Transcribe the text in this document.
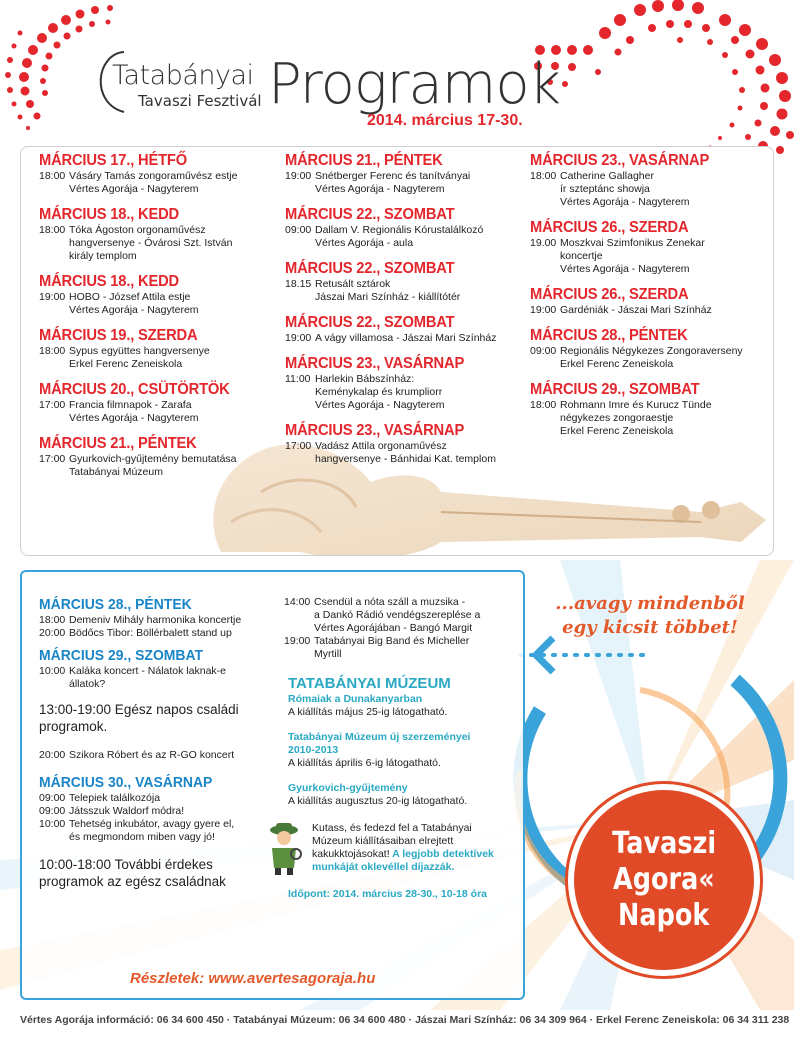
Tatabányai
Tavaszi Fesztivál Programok
2014. március 17-30.
MÁRCIUS 17., HÉTFŐ
18:00 Vásáry Tamás zongoraművész estje
Vértes Agorája - Nagyterem
MÁRCIUS 18., KEDD
18:00 Tóka Ágoston orgonaművész
hangversenye - Óvárosi Szt. István
király templom
MÁRCIUS 18., KEDD
19:00 HOBO - József Attila estje
Vértes Agorája - Nagyterem
MÁRCIUS 19., SZERDA
18:00 Sypus együttes hangversenye
Erkel Ferenc Zeneiskola
MÁRCIUS 20., CSÜTÖRTÖK
17:00 Francia filmnapok - Zarafa
Vértes Agorája - Nagyterem
MÁRCIUS 21., PÉNTEK
17:00 Gyurkovich-gyűjtemény bemutatása
Tatabányai Múzeum
MÁRCIUS 21., PÉNTEK
19:00 Snétberger Ferenc és tanítványai
Vértes Agorája - Nagyterem
MÁRCIUS 22., SZOMBAT
09:00 Dallam V. Regionális Kórustalálkozó
Vértes Agorája - aula
MÁRCIUS 22., SZOMBAT
18.15 Retusált sztárok
Jászai Mari Színház - kiállítótér
MÁRCIUS 22., SZOMBAT
19:00 A vágy villamosa - Jászai Mari Színház
MÁRCIUS 23., VASÁRNAP
11:00 Harlekin Bábszínház:
Keménykalap és krumpliorr
Vértes Agorája - Nagyterem
MÁRCIUS 23., VASÁRNAP
17:00 Vadász Attila orgonaművész
hangversenye - Bánhidai Kat. templom
MÁRCIUS 23., VASÁRNAP
18:00 Catherine Gallagher
ír szteptánc showja
Vértes Agorája - Nagyterem
MÁRCIUS 26., SZERDA
19.00 Moszkvai Szimfonikus Zenekar
koncertje
Vértes Agorája - Nagyterem
MÁRCIUS 26., SZERDA
19:00 Gardéniák - Jászai Mari Színház
MÁRCIUS 28., PÉNTEK
09:00 Regionális Négykezes Zongoraverseny
Erkel Ferenc Zeneiskola
MÁRCIUS 29., SZOMBAT
18:00 Rohmann Imre és Kurucz Tünde
négykezes zongoraestje
Erkel Ferenc Zeneiskola
MÁRCIUS 28., PÉNTEK
18:00 Demeniv Mihály harmonika koncertje
20:00 Bödőcs Tibor: Böllérbalett stand up
MÁRCIUS 29., SZOMBAT
10:00 Kaláka koncert - Nálatok laknak-e
állatok?
13:00-19:00 Egész napos családi
programok.
20:00 Szikora Róbert és az R-GO koncert
MÁRCIUS 30., VASÁRNAP
09:00 Telepiek találkozója
09:00 Játsszuk Waldorf módra!
10:00 Tehetség inkubátor, avagy gyere el,
és megmondom miben vagy jó!
10:00-18:00 További érdekes
programok az egész családnak
14:00 Csendül a nóta száll a muzsika -
a Dankó Rádió vendégszereplése a
Vértes Agorájában - Bangó Margit
19:00 Tatabányai Big Band és Micheller
Myrtill
TATABÁNYAI MÚZEUM
Rómaiak a Dunakanyarban
A kiállítás május 25-ig látogatható.
Tatabányai Múzeum új szerzeményei
2010-2013
A kiállítás április 6-ig látogatható.
Gyurkovich-gyűjtemény
A kiállítás augusztus 20-ig látogatható.
Kutass, és fedezd fel a Tatabányai
Múzeum kiállításaiban elrejtett
kakukktojásokat! A legjobb detektívek
munkáját oklevéllel díjazzák.
Időpont: 2014. március 28-30., 10-18 óra
Részletek: www.avertesagoraja.hu
...avagy mindenből
egy kicsit többet!
Tavaszi
Agora«
Napok
Vértes Agorája információ: 06 34 600 450 · Tatabányai Múzeum: 06 34 600 480 · Jászai Mari Színház: 06 34 309 964 · Erkel Ferenc Zeneiskola: 06 34 311 238
